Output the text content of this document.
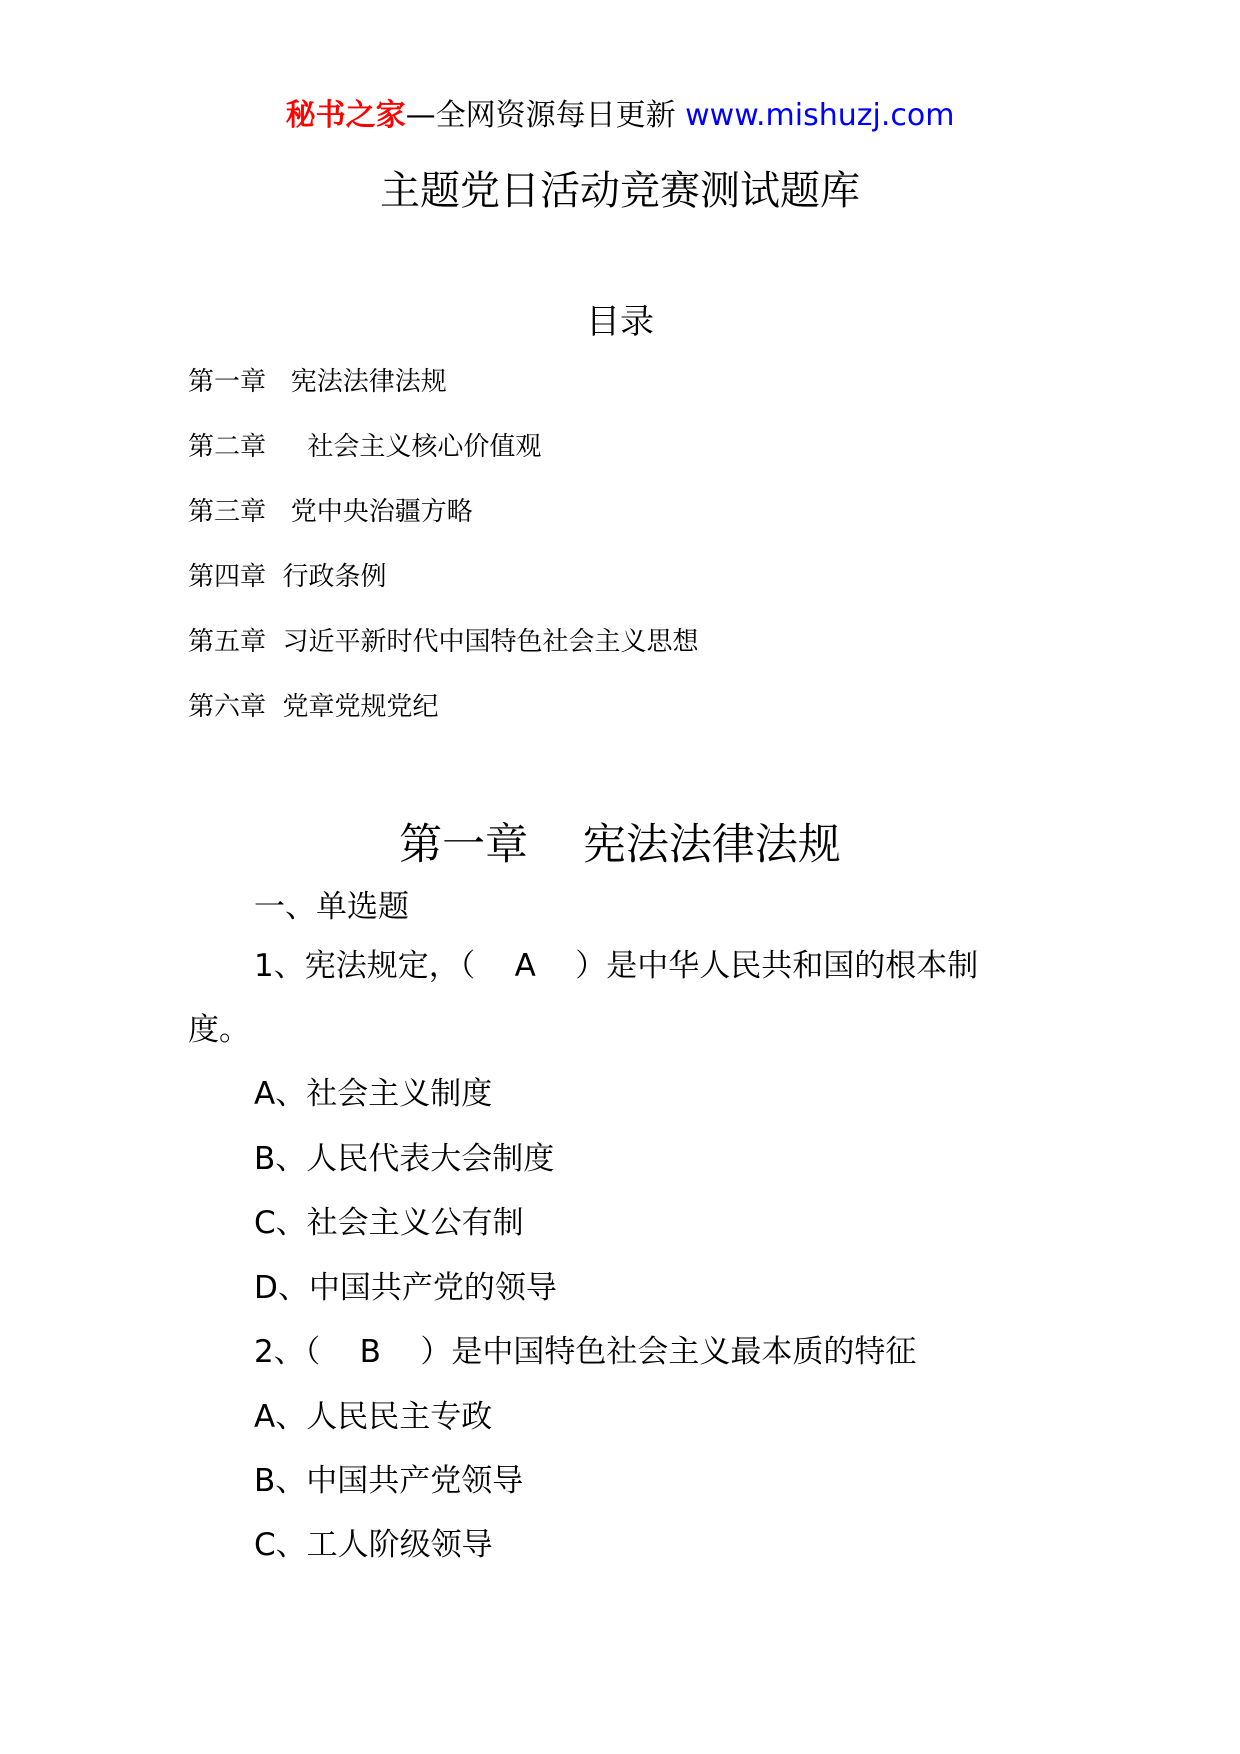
秘书之家—全网资源每日更新 www.mishuzj.com
主题党日活动竞赛测试题库
目录
第一章   宪法法律法规
第二章     社会主义核心价值观
第三章   党中央治疆方略
第四章  行政条例
第五章  习近平新时代中国特色社会主义思想
第六章  党章党规党纪
第一章    宪法法律法规
一、单选题
1、宪法规定，（    A    ）是中华人民共和国的根本制
度。
A、社会主义制度
B、人民代表大会制度
C、社会主义公有制
D、中国共产党的领导
2、（    B    ）是中国特色社会主义最本质的特征
A、人民民主专政
B、中国共产党领导
C、工人阶级领导
